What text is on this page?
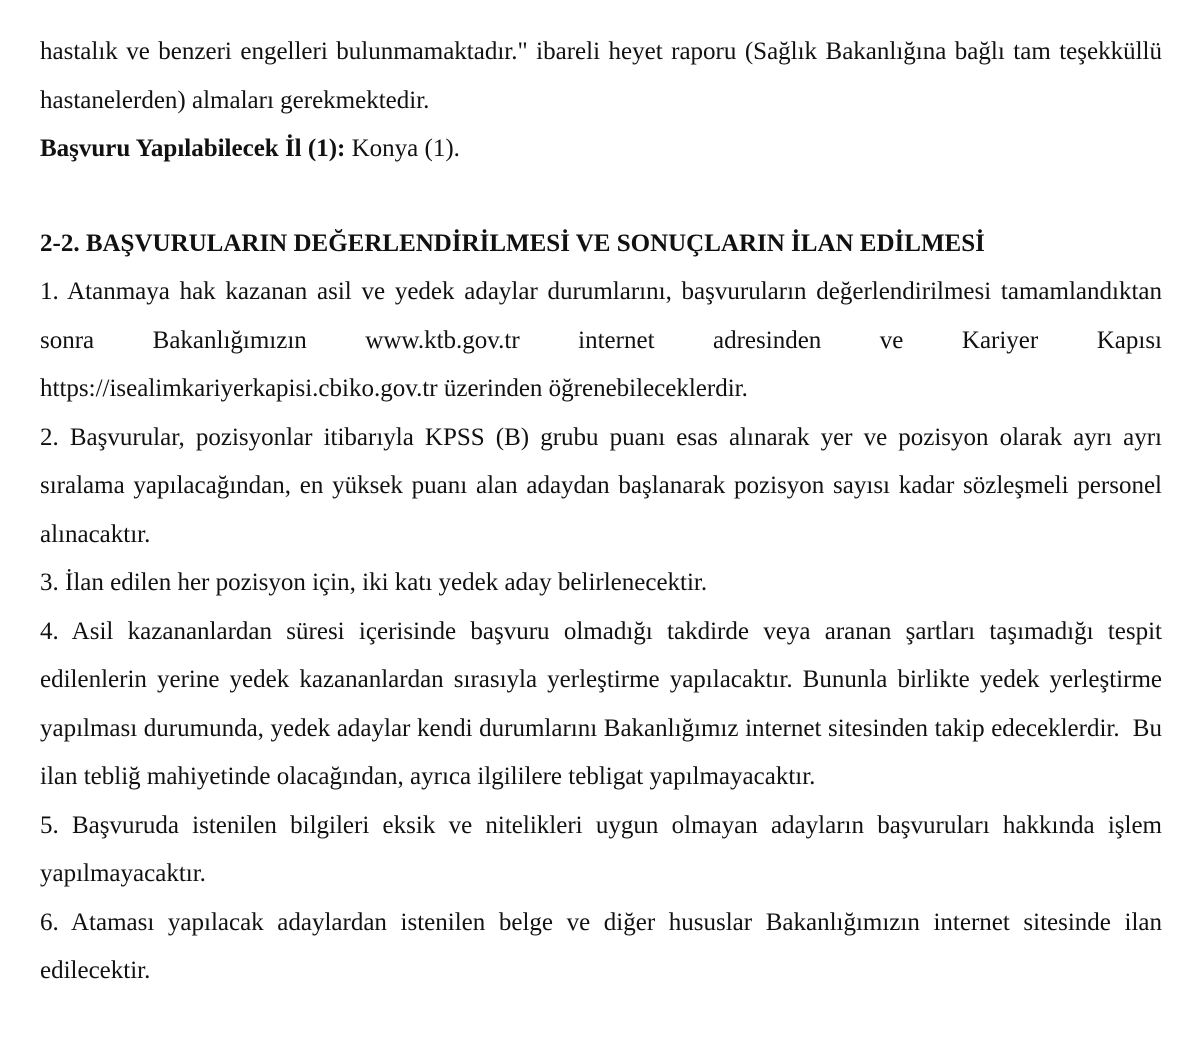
hastalık ve benzeri engelleri bulunmamaktadır." ibareli heyet raporu (Sağlık Bakanlığına bağlı tam teşekküllü hastanelerden) almaları gerekmektedir.

Başvuru Yapılabilecek İl (1): Konya (1).

2-2. BAŞVURULARIN DEĞERLENDİRİLMESİ VE SONUÇLARIN İLAN EDİLMESİ

1. Atanmaya hak kazanan asil ve yedek adaylar durumlarını, başvuruların değerlendirilmesi tamamlandıktan sonra Bakanlığımızın www.ktb.gov.tr internet adresinden ve Kariyer Kapısı https://isealimkariyerkapisi.cbiko.gov.tr üzerinden öğrenebileceklerdir.

2. Başvurular, pozisyonlar itibarıyla KPSS (B) grubu puanı esas alınarak yer ve pozisyon olarak ayrı ayrı sıralama yapılacağından, en yüksek puanı alan adaydan başlanarak pozisyon sayısı kadar sözleşmeli personel alınacaktır.

3. İlan edilen her pozisyon için, iki katı yedek aday belirlenecektir.

4. Asil kazananlardan süresi içerisinde başvuru olmadığı takdirde veya aranan şartları taşımadığı tespit edilenlerin yerine yedek kazananlardan sırasıyla yerleştirme yapılacaktır. Bununla birlikte yedek yerleştirme yapılması durumunda, yedek adaylar kendi durumlarını Bakanlığımız internet sitesinden takip edeceklerdir.  Bu ilan tebliğ mahiyetinde olacağından, ayrıca ilgililere tebligat yapılmayacaktır.

5. Başvuruda istenilen bilgileri eksik ve nitelikleri uygun olmayan adayların başvuruları hakkında işlem yapılmayacaktır.

6. Ataması yapılacak adaylardan istenilen belge ve diğer hususlar Bakanlığımızın internet sitesinde ilan edilecektir.
